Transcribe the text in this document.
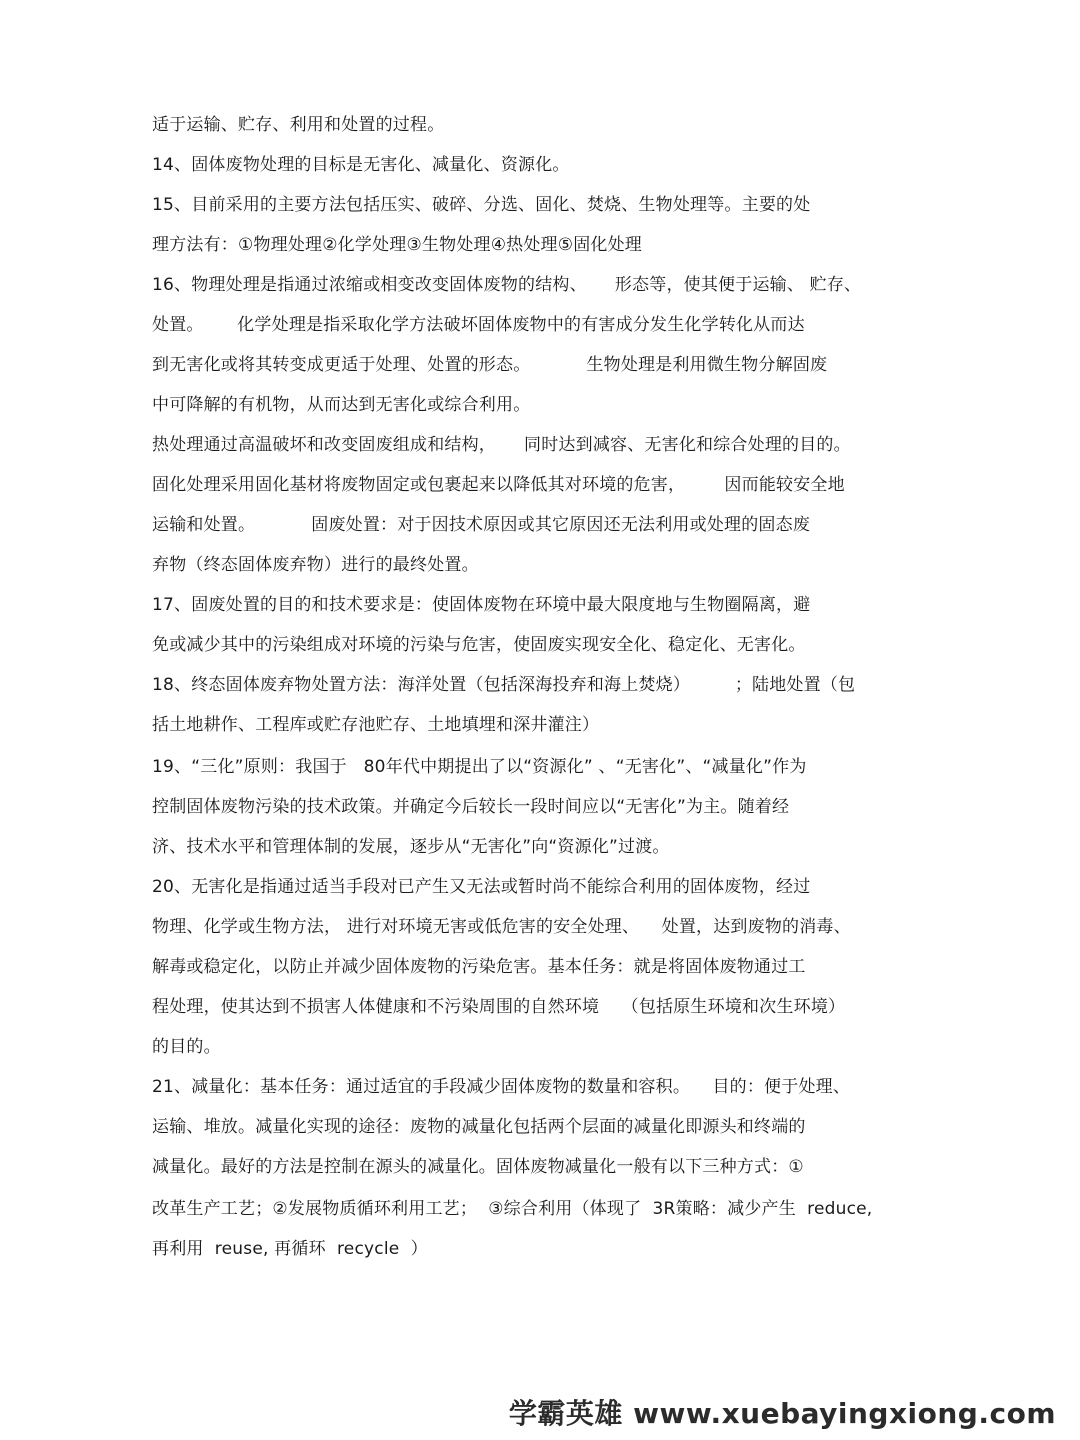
适于运输、贮存、利用和处置的过程。
14、固体废物处理的目标是无害化、减量化、资源化。
15、目前采用的主要方法包括压实、破碎、分选、固化、焚烧、生物处理等。主要的处
理方法有：①物理处理②化学处理③生物处理④热处理⑤固化处理
16、物理处理是指通过浓缩或相变改变固体废物的结构、     形态等，使其便于运输、 贮存、
处置。      化学处理是指采取化学方法破坏固体废物中的有害成分发生化学转化从而达
到无害化或将其转变成更适于处理、处置的形态。          生物处理是利用微生物分解固废
中可降解的有机物，从而达到无害化或综合利用。
热处理通过高温破坏和改变固废组成和结构，     同时达到减容、无害化和综合处理的目的。
固化处理采用固化基材将废物固定或包裹起来以降低其对环境的危害，       因而能较安全地
运输和处置。          固废处置：对于因技术原因或其它原因还无法利用或处理的固态废
弃物（终态固体废弃物）进行的最终处置。
17、固废处置的目的和技术要求是：使固体废物在环境中最大限度地与生物圈隔离，避
免或减少其中的污染组成对环境的污染与危害，使固废实现安全化、稳定化、无害化。
18、终态固体废弃物处置方法：海洋处置（包括深海投弃和海上焚烧）        ；陆地处置（包
括土地耕作、工程库或贮存池贮存、土地填埋和深井灌注）
19、“三化”原则：我国于   80年代中期提出了以“资源化” 、“无害化”、“减量化”作为
控制固体废物污染的技术政策。并确定今后较长一段时间应以“无害化”为主。随着经
济、技术水平和管理体制的发展，逐步从“无害化”向“资源化”过渡。
20、无害化是指通过适当手段对已产生又无法或暂时尚不能综合利用的固体废物，经过
物理、化学或生物方法， 进行对环境无害或低危害的安全处理、    处置，达到废物的消毒、
解毒或稳定化，以防止并减少固体废物的污染危害。基本任务：就是将固体废物通过工
程处理，使其达到不损害人体健康和不污染周围的自然环境    （包括原生环境和次生环境）
的目的。
21、减量化：基本任务：通过适宜的手段减少固体废物的数量和容积。    目的：便于处理、
运输、堆放。减量化实现的途径：废物的减量化包括两个层面的减量化即源头和终端的
减量化。最好的方法是控制在源头的减量化。固体废物减量化一般有以下三种方式：①
改革生产工艺；②发展物质循环利用工艺；  ③综合利用（体现了  3R策略：减少产生  reduce,
再利用  reuse, 再循环  recycle  ）
学霸英雄 www.xuebayingxiong.com
